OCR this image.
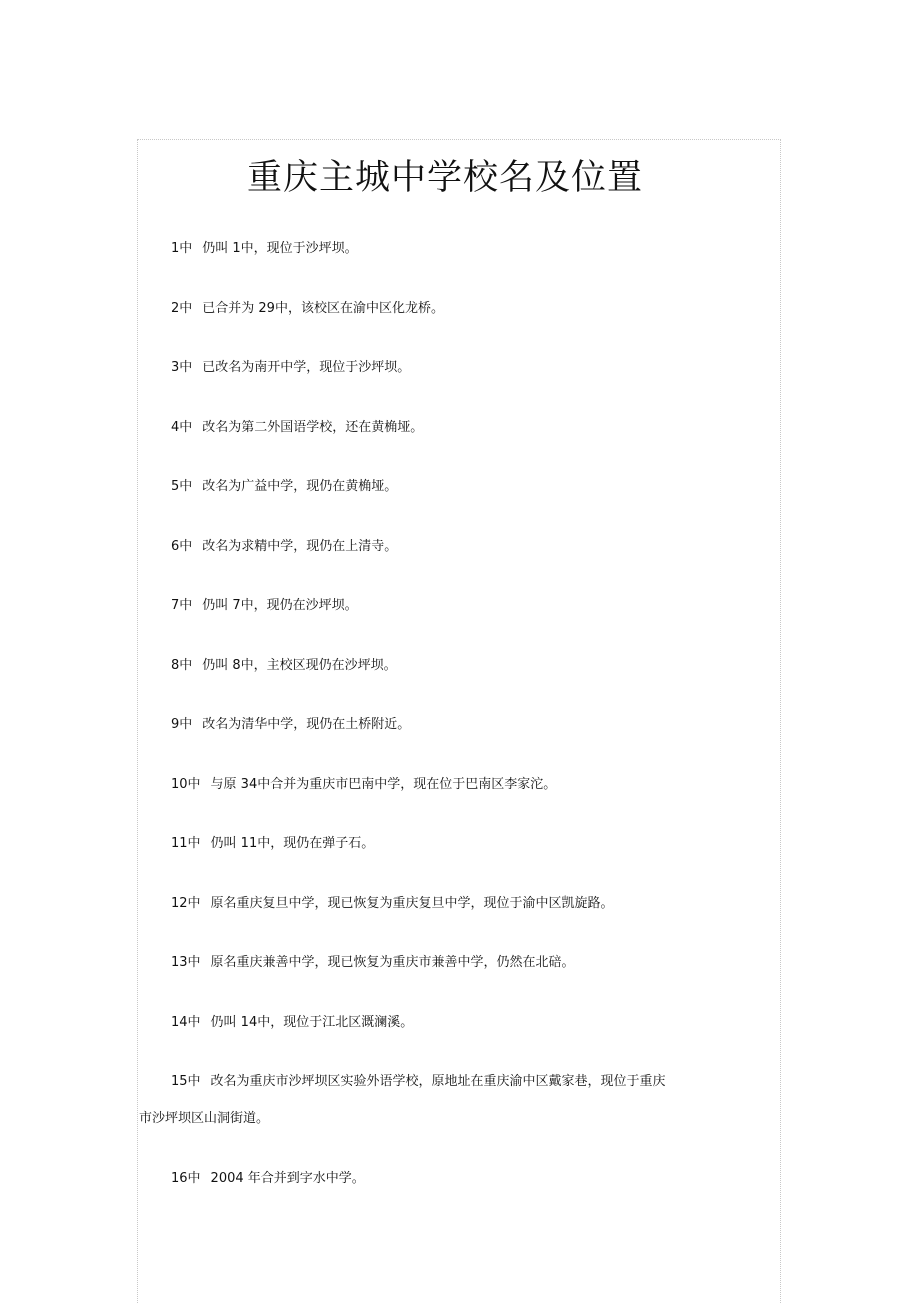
重庆主城中学校名及位置
1中 仍叫 1中，现位于沙坪坝。
2中 已合并为 29中，该校区在渝中区化龙桥。
3中 已改名为南开中学，现位于沙坪坝。
4中 改名为第二外国语学校，还在黄桷垭。
5中 改名为广益中学，现仍在黄桷垭。
6中 改名为求精中学，现仍在上清寺。
7中 仍叫 7中，现仍在沙坪坝。
8中 仍叫 8中，主校区现仍在沙坪坝。
9中 改名为清华中学，现仍在土桥附近。
10中 与原 34中合并为重庆市巴南中学，现在位于巴南区李家沱。
11中 仍叫 11中，现仍在弹子石。
12中 原名重庆复旦中学，现已恢复为重庆复旦中学，现位于渝中区凯旋路。
13中 原名重庆兼善中学，现已恢复为重庆市兼善中学，仍然在北碚。
14中 仍叫 14中，现位于江北区溉澜溪。
15中 改名为重庆市沙坪坝区实验外语学校，原地址在重庆渝中区戴家巷，现位于重庆
市沙坪坝区山洞街道。
16中 2004 年合并到字水中学。
